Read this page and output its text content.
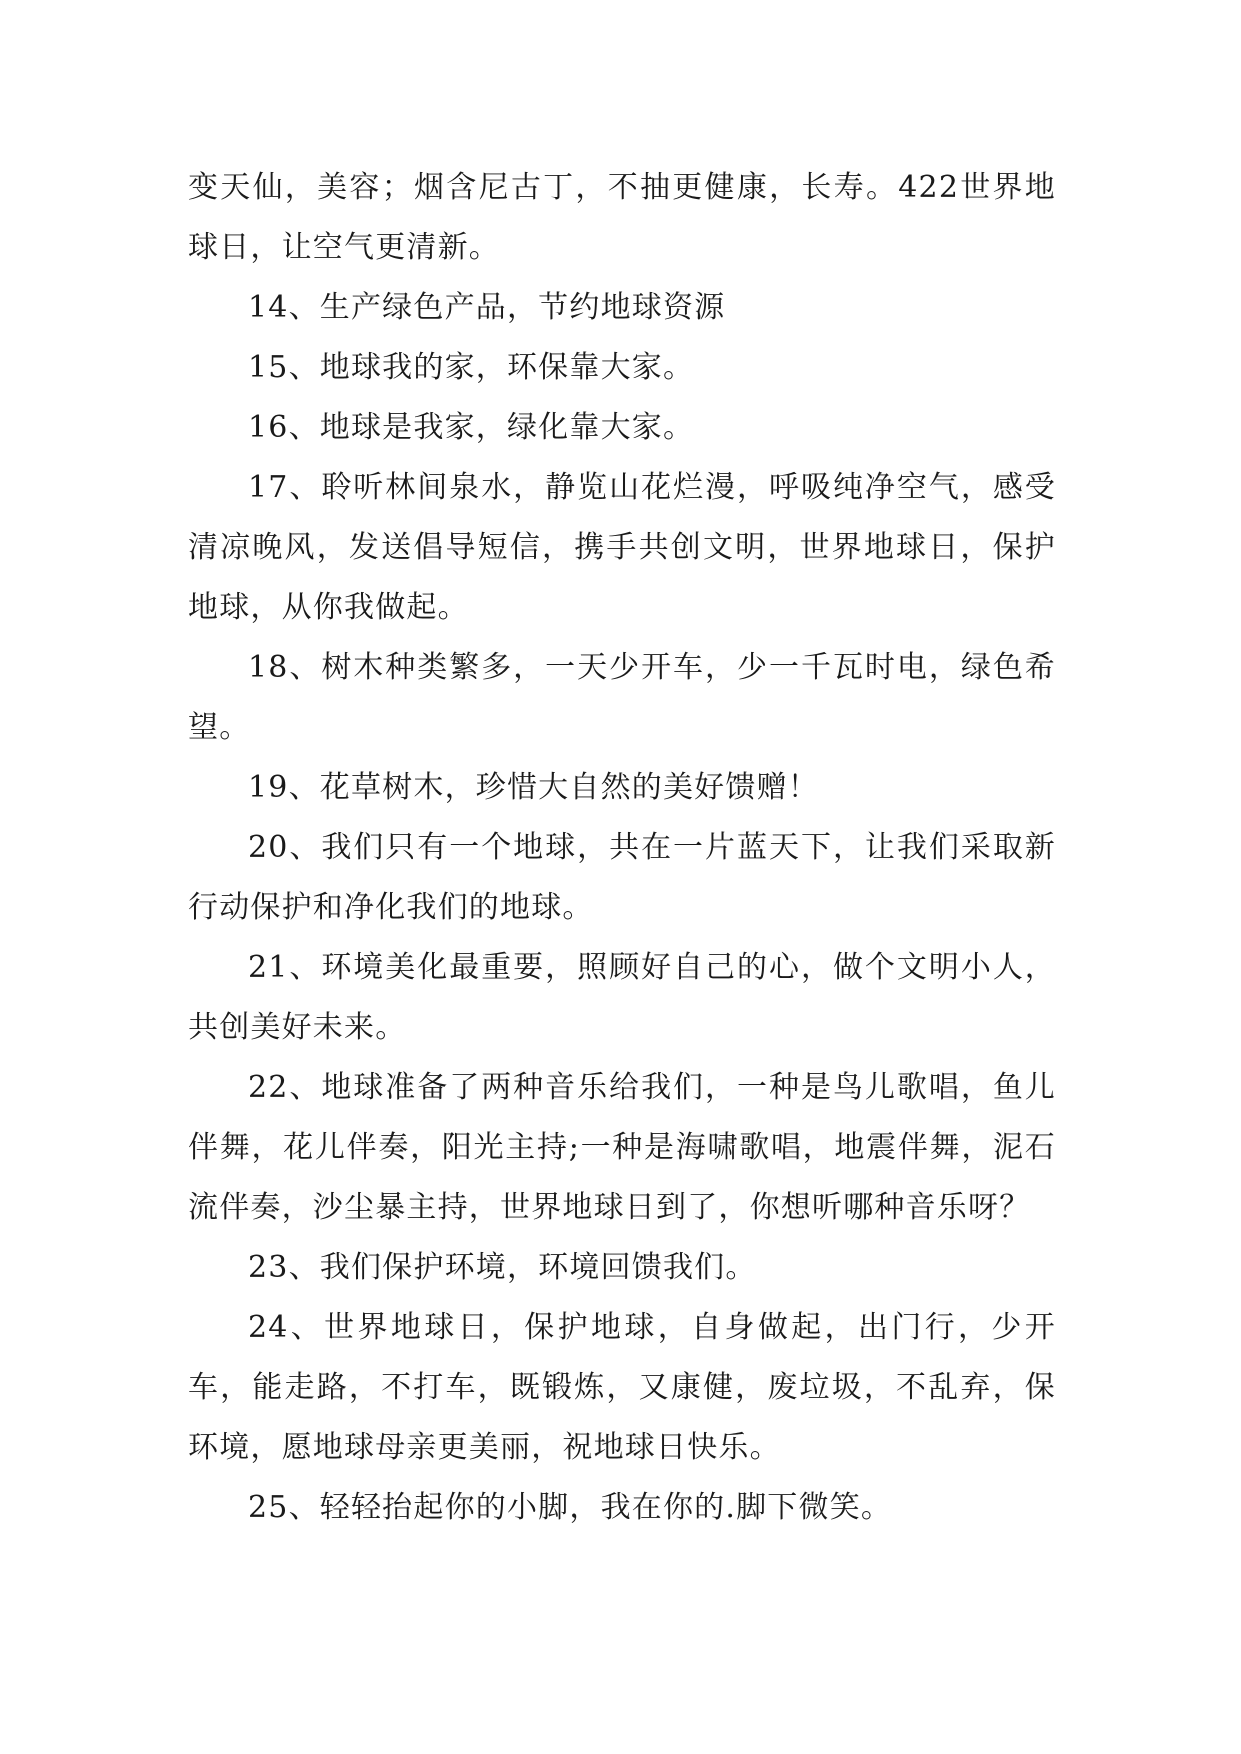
变天仙，美容；烟含尼古丁，不抽更健康，长寿。422世界地球日，让空气更清新。

14、生产绿色产品，节约地球资源

15、地球我的家，环保靠大家。

16、地球是我家，绿化靠大家。

17、聆听林间泉水，静览山花烂漫，呼吸纯净空气，感受清凉晚风，发送倡导短信，携手共创文明，世界地球日，保护地球，从你我做起。

18、树木种类繁多，一天少开车，少一千瓦时电，绿色希望。

19、花草树木，珍惜大自然的美好馈赠！

20、我们只有一个地球，共在一片蓝天下，让我们采取新行动保护和净化我们的地球。

21、环境美化最重要，照顾好自己的心，做个文明小人，共创美好未来。

22、地球准备了两种音乐给我们，一种是鸟儿歌唱，鱼儿伴舞，花儿伴奏，阳光主持;一种是海啸歌唱，地震伴舞，泥石流伴奏，沙尘暴主持，世界地球日到了，你想听哪种音乐呀？

23、我们保护环境，环境回馈我们。

24、世界地球日，保护地球，自身做起，出门行，少开车，能走路，不打车，既锻炼，又康健，废垃圾，不乱弃，保环境，愿地球母亲更美丽，祝地球日快乐。

25、轻轻抬起你的小脚，我在你的.脚下微笑。
